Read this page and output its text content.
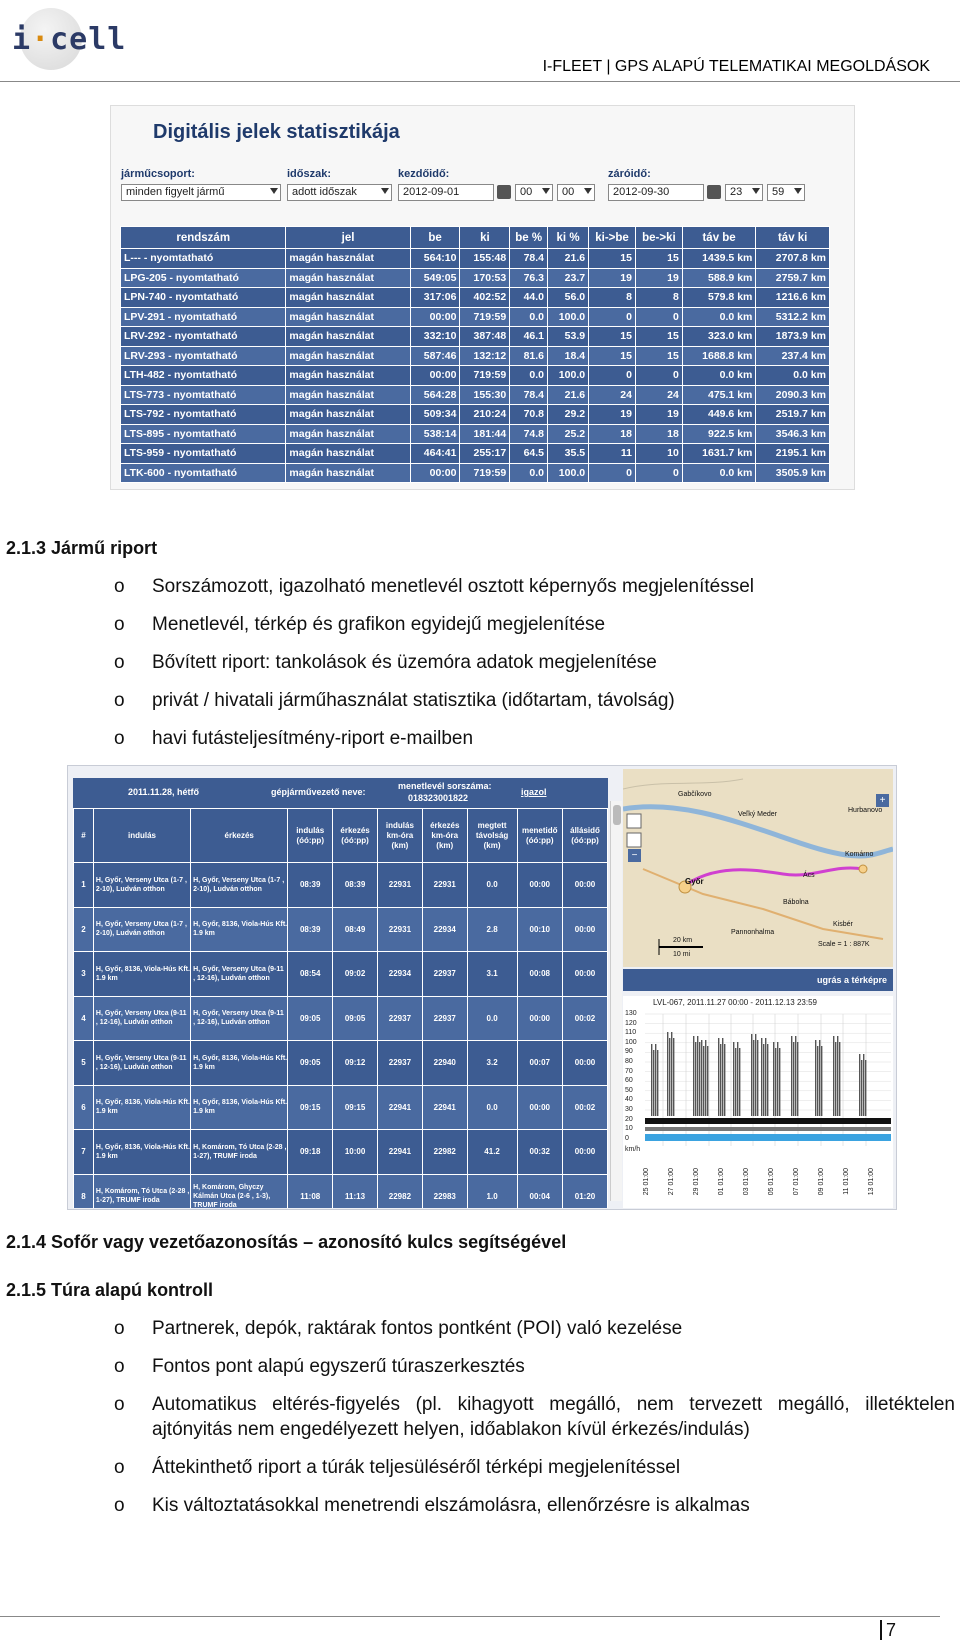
i·cell
I-FLEET | GPS ALAPÚ TELEMATIKAI MEGOLDÁSOK
Digitális jelek statisztikája
járműcsoport:
minden figyelt jármű
időszak:
adott időszak
kezdőidő:
2012-09-01	00	00
záróidő:
2012-09-30	23	59
rendszám	jel	be	ki	be %	ki %	ki->be	be->ki	táv be	táv ki
L--- - nyomtatható	magán használat	564:10	155:48	78.4	21.6	15	15	1439.5 km	2707.8 km
LPG-205 - nyomtatható	magán használat	549:05	170:53	76.3	23.7	19	19	588.9 km	2759.7 km
LPN-740 - nyomtatható	magán használat	317:06	402:52	44.0	56.0	8	8	579.8 km	1216.6 km
LPV-291 - nyomtatható	magán használat	00:00	719:59	0.0	100.0	0	0	0.0 km	5312.2 km
LRV-292 - nyomtatható	magán használat	332:10	387:48	46.1	53.9	15	15	323.0 km	1873.9 km
LRV-293 - nyomtatható	magán használat	587:46	132:12	81.6	18.4	15	15	1688.8 km	237.4 km
LTH-482 - nyomtatható	magán használat	00:00	719:59	0.0	100.0	0	0	0.0 km	0.0 km
LTS-773 - nyomtatható	magán használat	564:28	155:30	78.4	21.6	24	24	475.1 km	2090.3 km
LTS-792 - nyomtatható	magán használat	509:34	210:24	70.8	29.2	19	19	449.6 km	2519.7 km
LTS-895 - nyomtatható	magán használat	538:14	181:44	74.8	25.2	18	18	922.5 km	3546.3 km
LTS-959 - nyomtatható	magán használat	464:41	255:17	64.5	35.5	11	10	1631.7 km	2195.1 km
LTK-600 - nyomtatható	magán használat	00:00	719:59	0.0	100.0	0	0	0.0 km	3505.9 km
2.1.3 Jármű riport
o Sorszámozott, igazolható menetlevél osztott képernyős megjelenítéssel
o Menetlevél, térkép és grafikon egyidejű megjelenítése
o Bővített riport: tankolások és üzemóra adatok megjelenítése
o privát / hivatali járműhasználat statisztika (időtartam, távolság)
o havi futásteljesítmény-riport e-mailben
2011.11.28, hétfő	gépjárművezető neve:
menetlevél sorszáma:
018323001822
igazol
#	indulás	érkezés	indulás (óó:pp)	érkezés (óó:pp)	indulás km-óra (km)	érkezés km-óra (km)	megtett távolság (km)	menetidő (óó:pp)	állásidő (óó:pp)
1	H, Győr, Verseny Utca (1-7 , 2-10), Ludván otthon	H, Győr, Verseny Utca (1-7 , 2-10), Ludván otthon	08:39	08:39	22931	22931	0.0	00:00	00:00
2	H, Győr, Verseny Utca (1-7 , 2-10), Ludván otthon	H, Győr, 8136, Viola-Hús Kft. 1.9 km	08:39	08:49	22931	22934	2.8	00:10	00:00
3	H, Győr, 8136, Viola-Hús Kft. 1.9 km	H, Győr, Verseny Utca (9-11 , 12-16), Ludván otthon	08:54	09:02	22934	22937	3.1	00:08	00:00
4	H, Győr, Verseny Utca (9-11 , 12-16), Ludván otthon	H, Győr, Verseny Utca (9-11 , 12-16), Ludván otthon	09:05	09:05	22937	22937	0.0	00:00	00:02
5	H, Győr, Verseny Utca (9-11 , 12-16), Ludván otthon	H, Győr, 8136, Viola-Hús Kft. 1.9 km	09:05	09:12	22937	22940	3.2	00:07	00:00
6	H, Győr, 8136, Viola-Hús Kft. 1.9 km	H, Győr, 8136, Viola-Hús Kft. 1.9 km	09:15	09:15	22941	22941	0.0	00:00	00:02
7	H, Győr, 8136, Viola-Hús Kft. 1.9 km	H, Komárom, Tó Utca (2-28 , 1-27), TRUMF iroda	09:18	10:00	22941	22982	41.2	00:32	00:00
8	H, Komárom, Tó Utca (2-28 , 1-27), TRUMF iroda	H, Komárom, Ghyczy Kálmán Utca (2-6 , 1-3), TRUMF iroda	11:08	11:13	22982	22983	1.0	00:04	01:20
Gabčíkovo
Veľký Meder
Hurbanovo
Komárno
Győr
Ács
Bábolna
Pannonhalma
Kisbér
20 km
10 mi
Scale = 1 : 887K
+
−
ugrás a térképre
LVL-067, 2011.11.27 00:00 - 2011.12.13 23:59
130
120
110
100
90
80
70
60
50
40
30
20
10
0
km/h
25 01:00	27 01:00	29 01:00	01 01:00	03 01:00	05 01:00	07 01:00	09 01:00	11 01:00	13 01:00
2.1.4 Sofőr vagy vezetőazonosítás – azonosító kulcs segítségével
2.1.5 Túra alapú kontroll
o Partnerek, depók, raktárak fontos pontként (POI) való kezelése
o Fontos pont alapú egyszerű túraszerkesztés
o Automatikus eltérés-figyelés (pl. kihagyott megálló, nem tervezett megálló, illetéktelen ajtónyitás nem engedélyezett helyen, időablakon kívül érkezés/indulás)
o Áttekinthető riport a túrák teljesüléséről térképi megjelenítéssel
o Kis változtatásokkal menetrendi elszámolásra, ellenőrzésre is alkalmas
7
